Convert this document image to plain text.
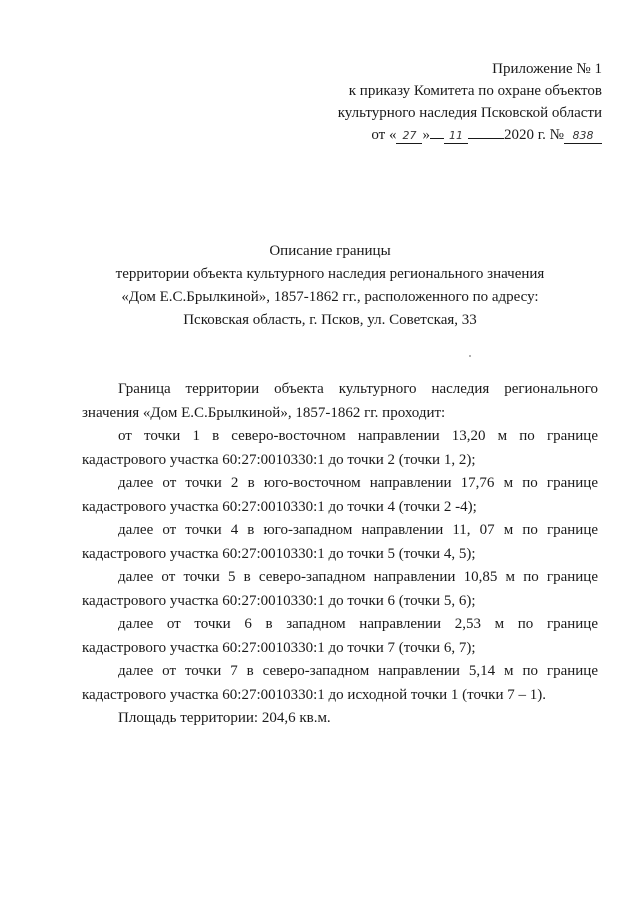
Приложение № 1
к приказу Комитета по охране объектов
культурного наследия Псковской области
от « 27 » 11	2020 г. № 838
Описание границы
территории объекта культурного наследия регионального значения
«Дом Е.С.Брылкиной», 1857-1862 гг., расположенного по адресу:
Псковская область, г. Псков, ул. Советская, 33
Граница территории объекта культурного наследия регионального
значения «Дом Е.С.Брылкиной», 1857-1862 гг. проходит:
от точки 1 в северо-восточном направлении 13,20 м по границе
кадастрового участка 60:27:0010330:1 до точки 2 (точки 1, 2);
далее от точки 2 в юго-восточном направлении 17,76 м по границе
кадастрового участка 60:27:0010330:1 до точки 4 (точки 2 -4);
далее от точки 4 в юго-западном направлении 11, 07 м по границе
кадастрового участка 60:27:0010330:1 до точки 5 (точки 4, 5);
далее от точки 5 в северо-западном направлении 10,85 м по границе
кадастрового участка 60:27:0010330:1 до точки 6 (точки 5, 6);
далее от точки 6 в западном направлении 2,53 м по границе
кадастрового участка 60:27:0010330:1 до точки 7 (точки 6, 7);
далее от точки 7 в северо-западном направлении 5,14 м по границе
кадастрового участка 60:27:0010330:1 до исходной точки 1 (точки 7 – 1).
Площадь территории: 204,6 кв.м.
